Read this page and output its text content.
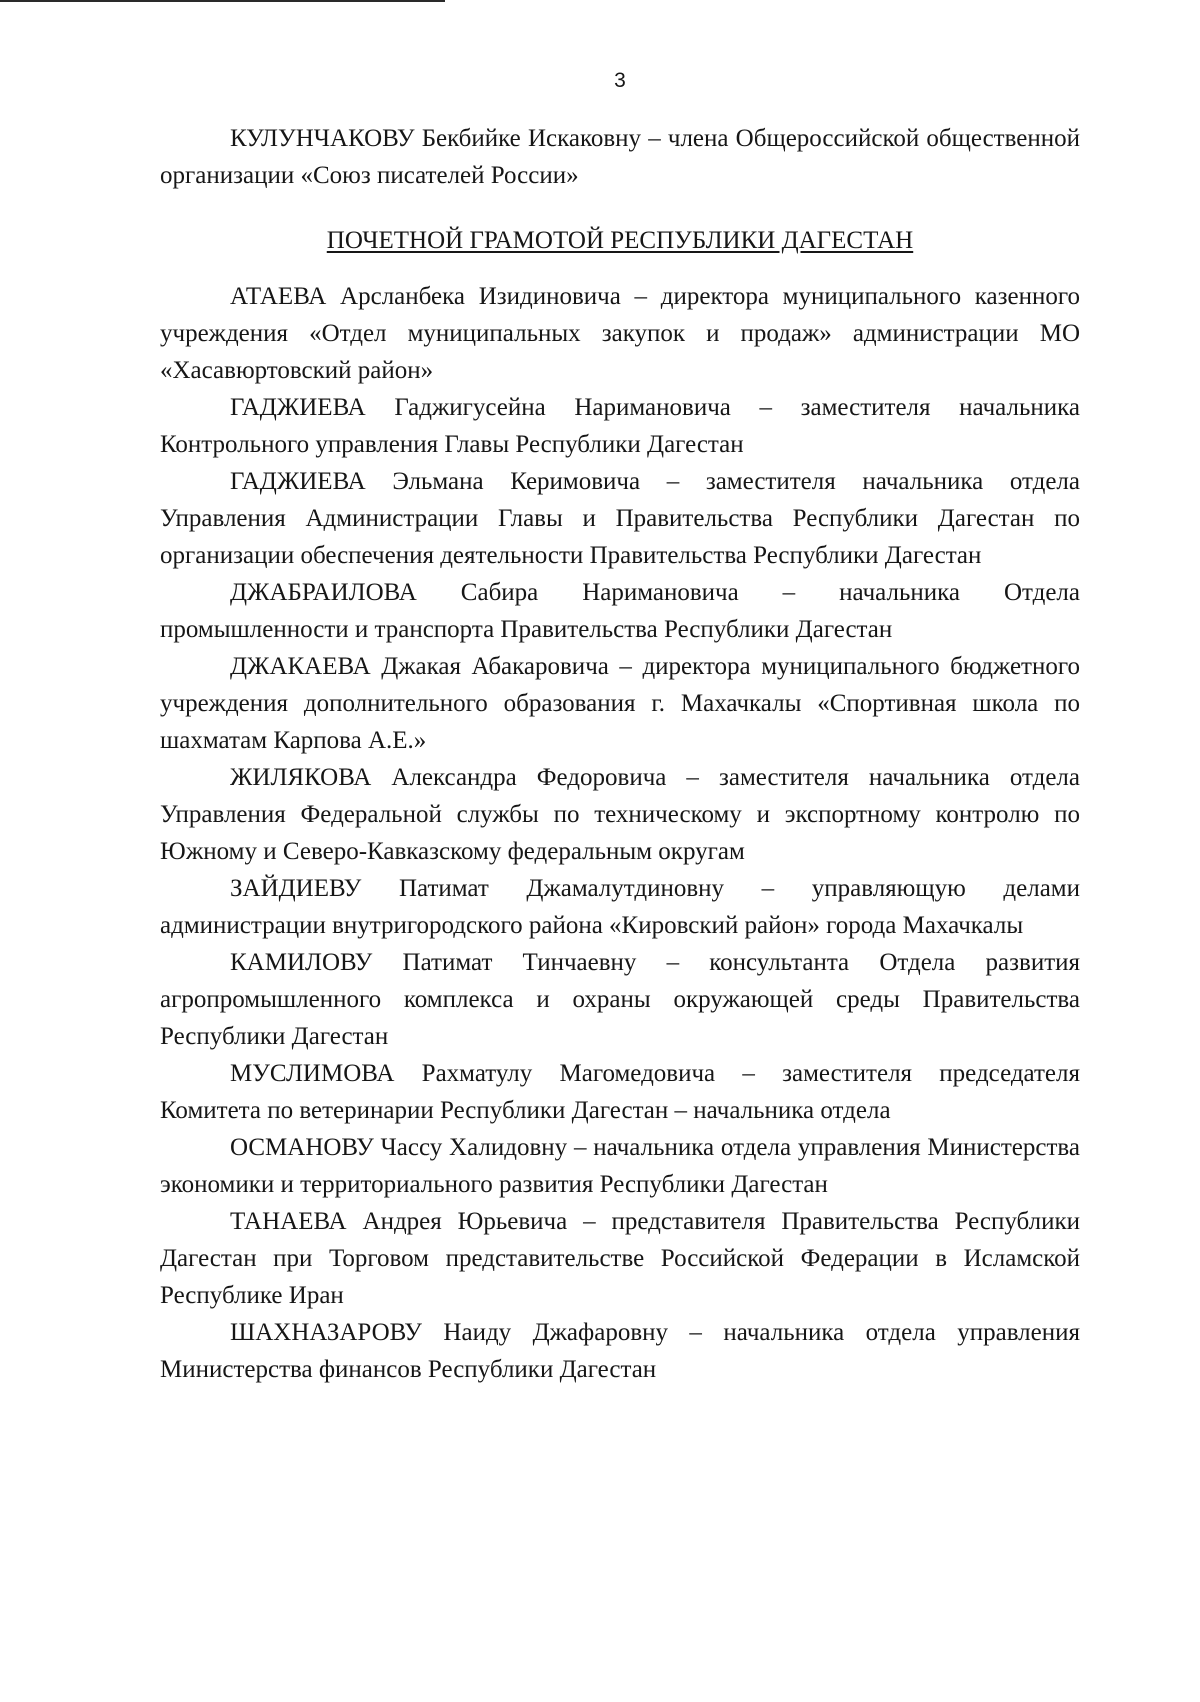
3

КУЛУНЧАКОВУ Бекбийке Искаковну – члена Общероссийской общественной организации «Союз писателей России»

ПОЧЕТНОЙ ГРАМОТОЙ РЕСПУБЛИКИ ДАГЕСТАН

АТАЕВА Арсланбека Изидиновича – директора муниципального казенного учреждения «Отдел муниципальных закупок и продаж» администрации МО «Хасавюртовский район»

ГАДЖИЕВА Гаджигусейна Наримановича – заместителя начальника Контрольного управления Главы Республики Дагестан

ГАДЖИЕВА Эльмана Керимовича – заместителя начальника отдела Управления Администрации Главы и Правительства Республики Дагестан по организации обеспечения деятельности Правительства Республики Дагестан

ДЖАБРАИЛОВА Сабира Наримановича – начальника Отдела промышленности и транспорта Правительства Республики Дагестан

ДЖАКАЕВА Джакая Абакаровича – директора муниципального бюджетного учреждения дополнительного образования г. Махачкалы «Спортивная школа по шахматам Карпова А.Е.»

ЖИЛЯКОВА Александра Федоровича – заместителя начальника отдела Управления Федеральной службы по техническому и экспортному контролю по Южному и Северо-Кавказскому федеральным округам

ЗАЙДИЕВУ Патимат Джамалутдиновну – управляющую делами администрации внутригородского района «Кировский район» города Махачкалы

КАМИЛОВУ Патимат Тинчаевну – консультанта Отдела развития агропромышленного комплекса и охраны окружающей среды Правительства Республики Дагестан

МУСЛИМОВА Рахматулу Магомедовича – заместителя председателя Комитета по ветеринарии Республики Дагестан – начальника отдела

ОСМАНОВУ Чассу Халидовну – начальника отдела управления Министерства экономики и территориального развития Республики Дагестан

ТАНАЕВА Андрея Юрьевича – представителя Правительства Республики Дагестан при Торговом представительстве Российской Федерации в Исламской Республике Иран

ШАХНАЗАРОВУ Наиду Джафаровну – начальника отдела управления Министерства финансов Республики Дагестан
